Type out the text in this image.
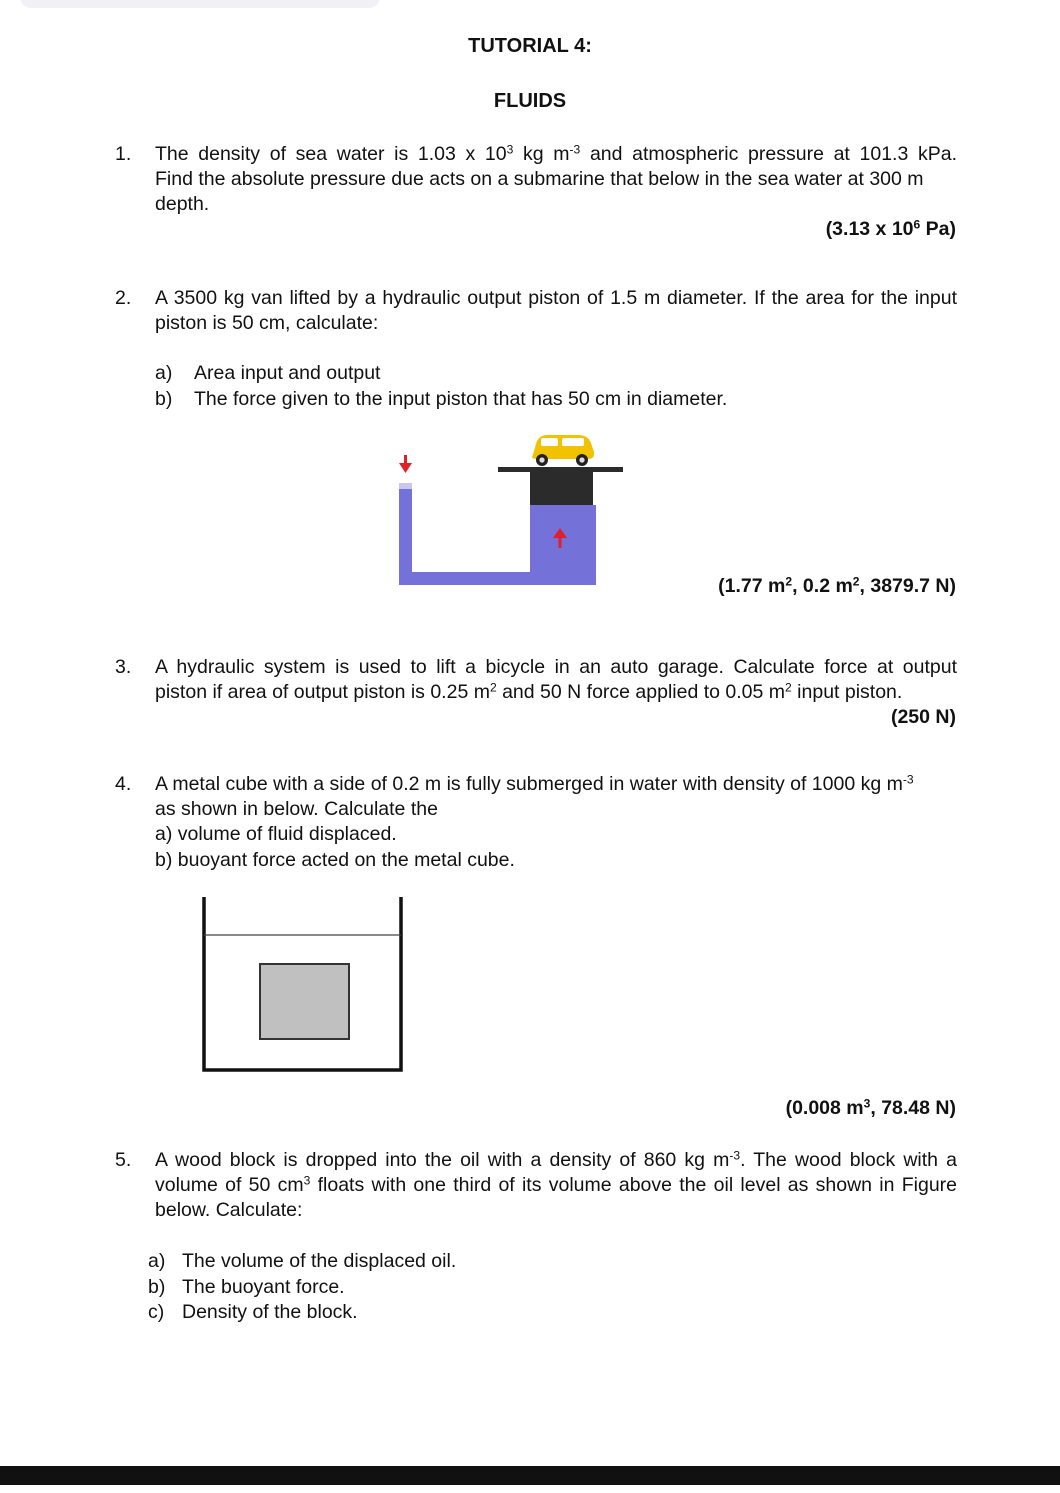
TUTORIAL 4:
FLUIDS
1. The density of sea water is 1.03 x $10^3$ kg $m^{-3}$ and atmospheric pressure at 101.3 kPa.
Find the absolute pressure due acts on a submarine that below in the sea water at 300 m
depth.
(3.13 x $10^6$ Pa)
2. A 3500 kg van lifted by a hydraulic output piston of 1.5 m diameter. If the area for the input
piston is 50 cm, calculate:
a) Area input and output
b) The force given to the input piston that has 50 cm in diameter.
(1.77 $m^2$, 0.2 $m^2$, 3879.7 N)
3. A hydraulic system is used to lift a bicycle in an auto garage. Calculate force at output
piston if area of output piston is 0.25 $m^2$ and 50 N force applied to 0.05 $m^2$ input piston.
(250 N)
4. A metal cube with a side of 0.2 m is fully submerged in water with density of 1000 kg $m^{-3}$
as shown in below. Calculate the
a) volume of fluid displaced.
b) buoyant force acted on the metal cube.
(0.008 $m^3$, 78.48 N)
5. A wood block is dropped into the oil with a density of 860 kg $m^{-3}$. The wood block with a
volume of 50 $cm^3$ floats with one third of its volume above the oil level as shown in Figure
below. Calculate:
a) The volume of the displaced oil.
b) The buoyant force.
c) Density of the block.
